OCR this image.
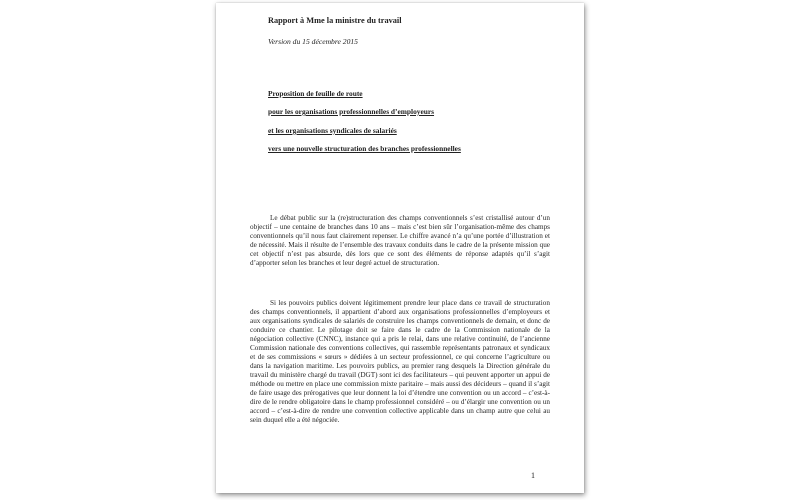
Rapport à Mme la ministre du travail

Version du 15 décembre 2015

Proposition de feuille de route

pour les organisations professionnelles d’employeurs

et les organisations syndicales de salariés

vers une nouvelle structuration des branches professionnelles

Le débat public sur la (re)structuration des champs conventionnels s’est cristallisé autour d’un objectif – une centaine de branches dans 10 ans – mais c’est bien sûr l’organisation-même des champs conventionnels qu’il nous faut clairement repenser. Le chiffre avancé n’a qu’une portée d’illustration et de nécessité. Mais il résulte de l’ensemble des travaux conduits dans le cadre de la présente mission que cet objectif n’est pas absurde, dès lors que ce sont des éléments de réponse adaptés qu’il s’agit d’apporter selon les branches et leur degré actuel de structuration.

Si les pouvoirs publics doivent légitimement prendre leur place dans ce travail de structuration des champs conventionnels, il appartient d’abord aux organisations professionnelles d’employeurs et aux organisations syndicales de salariés de construire les champs conventionnels de demain, et donc de conduire ce chantier. Le pilotage doit se faire dans le cadre de la Commission nationale de la négociation collective (CNNC), instance qui a pris le relai, dans une relative continuité, de l’ancienne Commission nationale des conventions collectives, qui rassemble représentants patronaux et syndicaux et de ses commissions « sœurs » dédiées à un secteur professionnel, ce qui concerne l’agriculture ou dans la navigation maritime. Les pouvoirs publics, au premier rang desquels la Direction générale du travail du ministère chargé du travail (DGT) sont ici des facilitateurs – qui peuvent apporter un appui de méthode ou mettre en place une commission mixte paritaire – mais aussi des décideurs – quand il s’agit de faire usage des prérogatives que leur donnent la loi d’étendre une convention ou un accord – c’est-à-dire de le rendre obligatoire dans le champ professionnel considéré – ou d’élargir une convention ou un accord – c’est-à-dire de rendre une convention collective applicable dans un champ autre que celui au sein duquel elle a été négociée.

1
